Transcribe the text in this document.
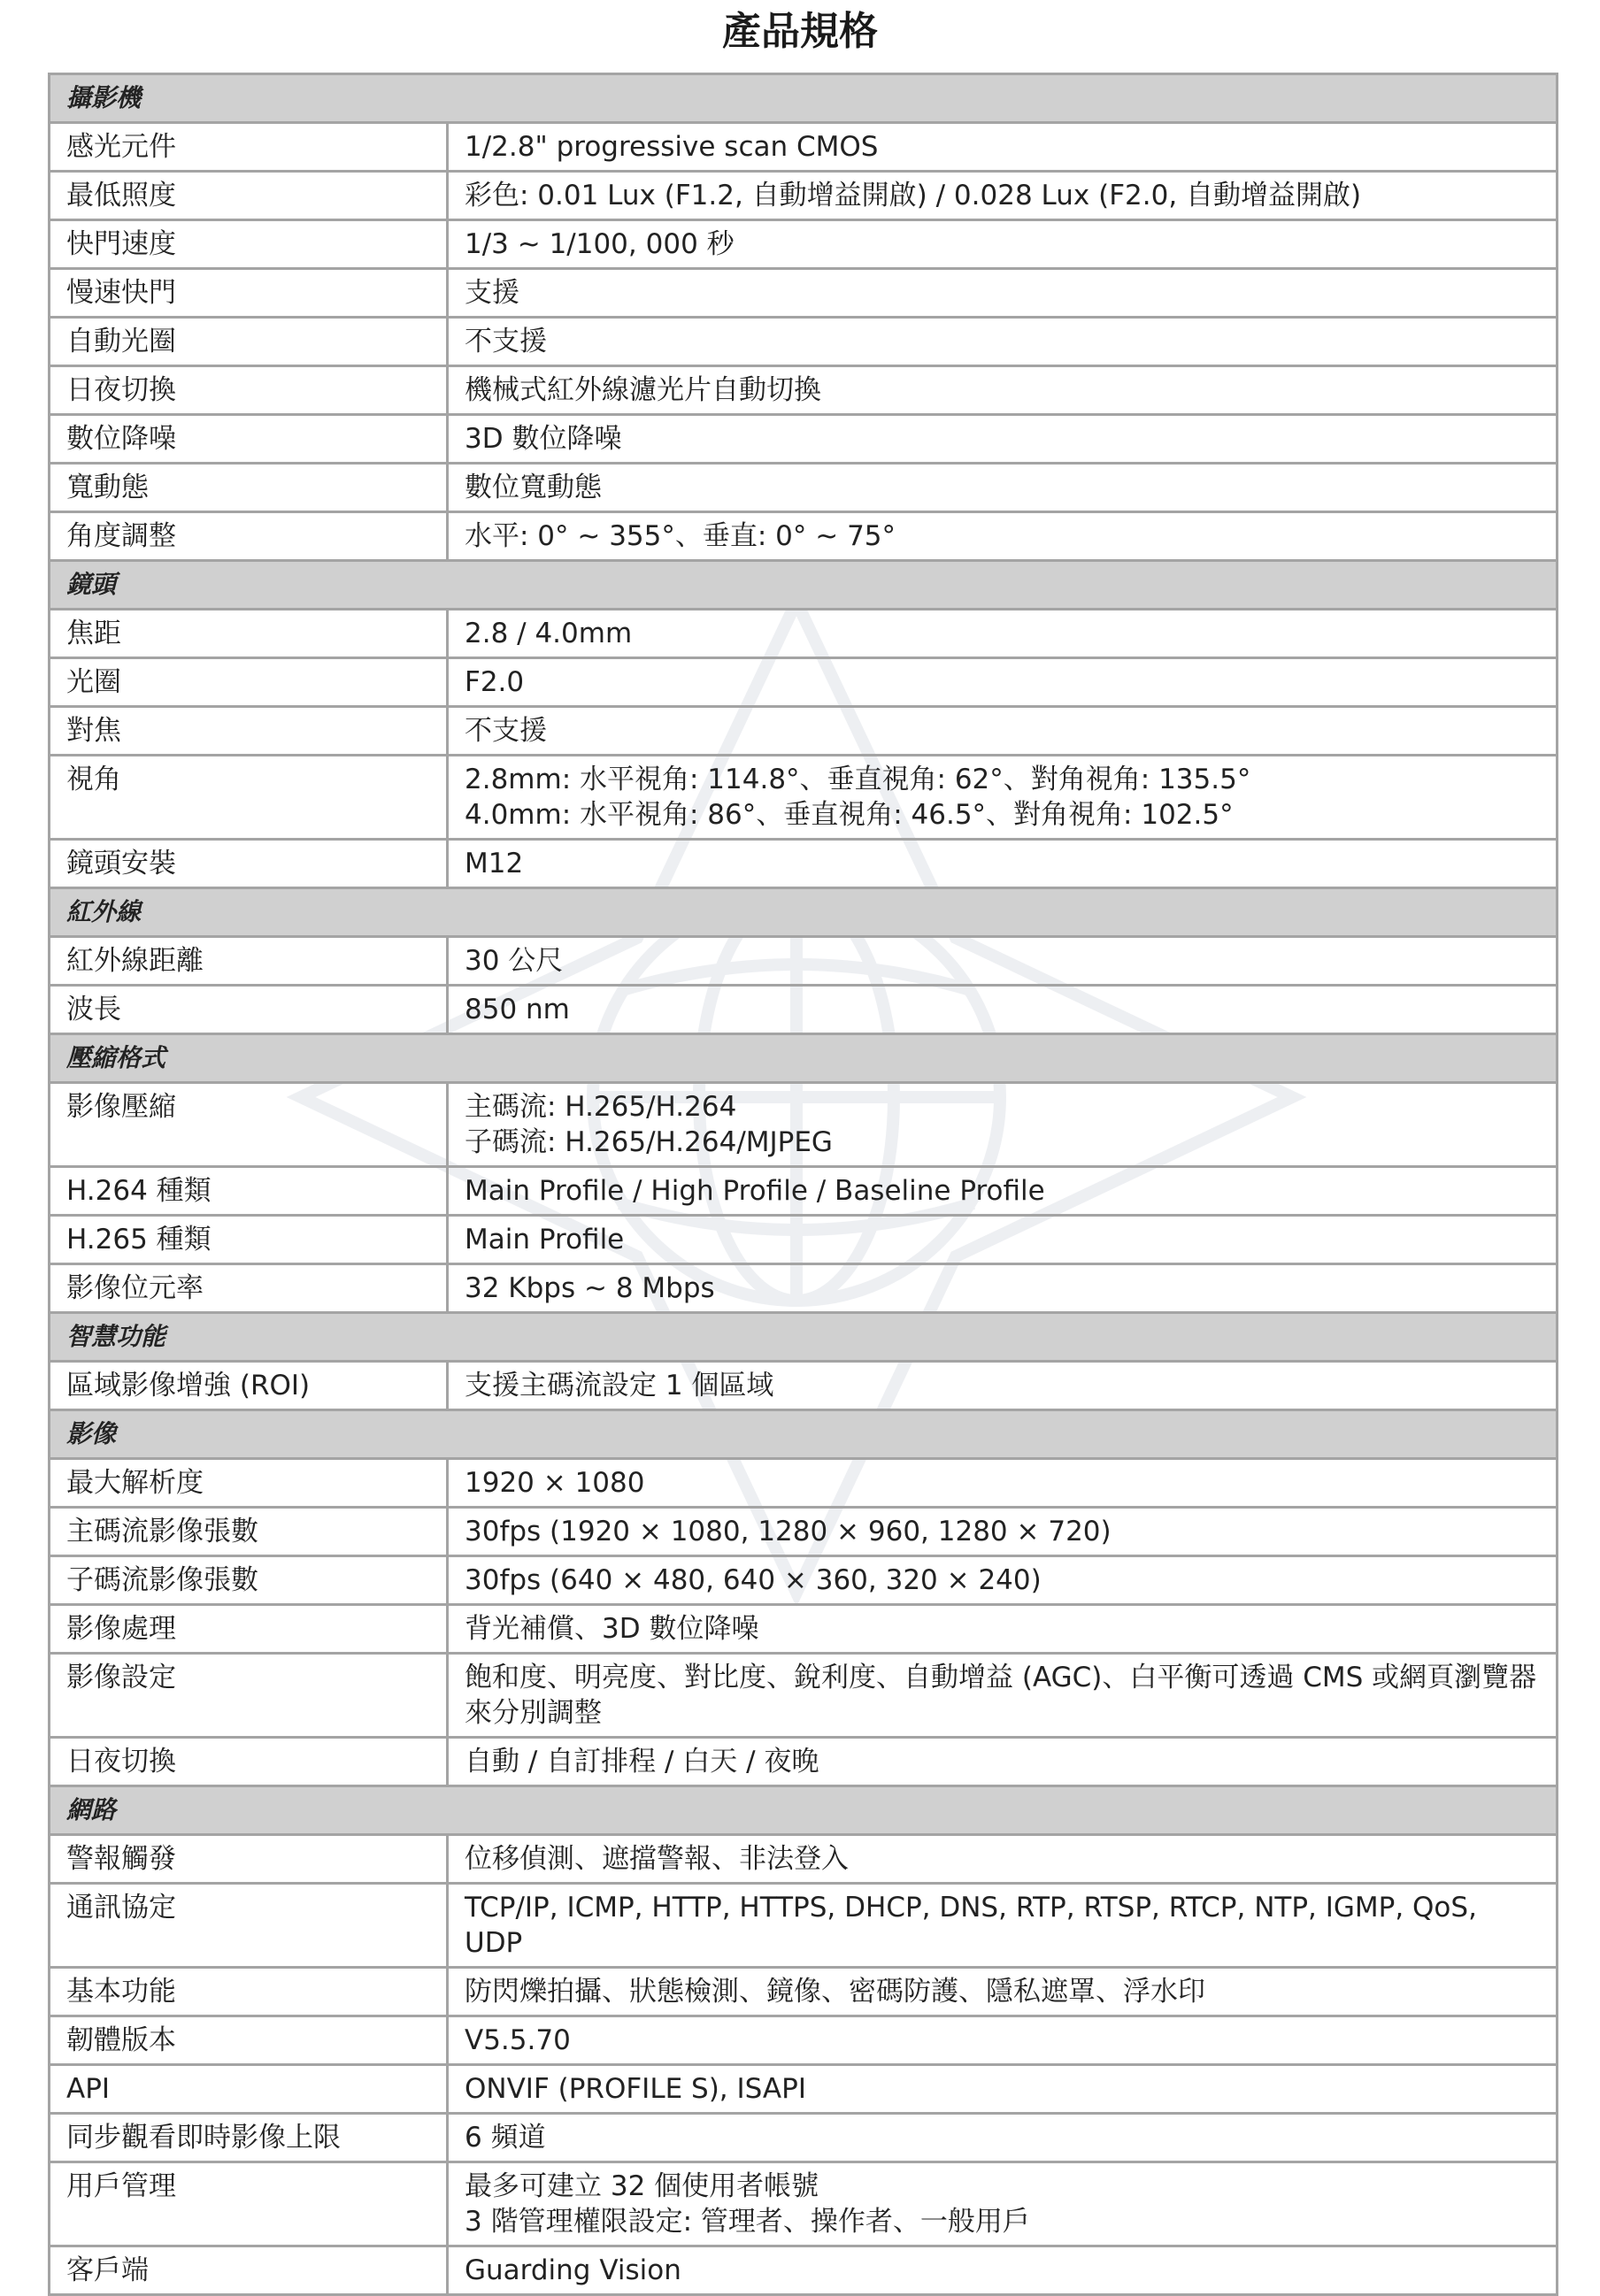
產品規格
攝影機	
感光元件	1/2.8" progressive scan CMOS
最低照度	彩色: 0.01 Lux (F1.2, 自動增益開啟) / 0.028 Lux (F2.0, 自動增益開啟)
快門速度	1/3 ~ 1/100, 000 秒
慢速快門	支援
自動光圈	不支援
日夜切換	機械式紅外線濾光片自動切換
數位降噪	3D 數位降噪
寬動態	數位寬動態
角度調整	水平: 0° ~ 355°、垂直: 0° ~ 75°
鏡頭	
焦距	2.8 / 4.0mm
光圈	F2.0
對焦	不支援
視角	2.8mm: 水平視角: 114.8°、垂直視角: 62°、對角視角: 135.5°
4.0mm: 水平視角: 86°、垂直視角: 46.5°、對角視角: 102.5°
鏡頭安裝	M12
紅外線	
紅外線距離	30 公尺
波長	850 nm
壓縮格式	
影像壓縮	主碼流: H.265/H.264
子碼流: H.265/H.264/MJPEG
H.264 種類	Main Profile / High Profile / Baseline Profile
H.265 種類	Main Profile
影像位元率	32 Kbps ~ 8 Mbps
智慧功能	
區域影像增強 (ROI)	支援主碼流設定 1 個區域
影像	
最大解析度	1920 × 1080
主碼流影像張數	30fps (1920 × 1080, 1280 × 960, 1280 × 720)
子碼流影像張數	30fps (640 × 480, 640 × 360, 320 × 240)
影像處理	背光補償、3D 數位降噪
影像設定	飽和度、明亮度、對比度、銳利度、自動增益 (AGC)、白平衡可透過 CMS 或網頁瀏覽器來分別調整
日夜切換	自動 / 自訂排程 / 白天 / 夜晚
網路	
警報觸發	位移偵測、遮擋警報、非法登入
通訊協定	TCP/IP, ICMP, HTTP, HTTPS, DHCP, DNS, RTP, RTSP, RTCP, NTP, IGMP, QoS, UDP
基本功能	防閃爍拍攝、狀態檢測、鏡像、密碼防護、隱私遮罩、浮水印
韌體版本	V5.5.70
API	ONVIF (PROFILE S), ISAPI
同步觀看即時影像上限	6 頻道
用戶管理	最多可建立 32 個使用者帳號
3 階管理權限設定: 管理者、操作者、一般用戶
客戶端	Guarding Vision
